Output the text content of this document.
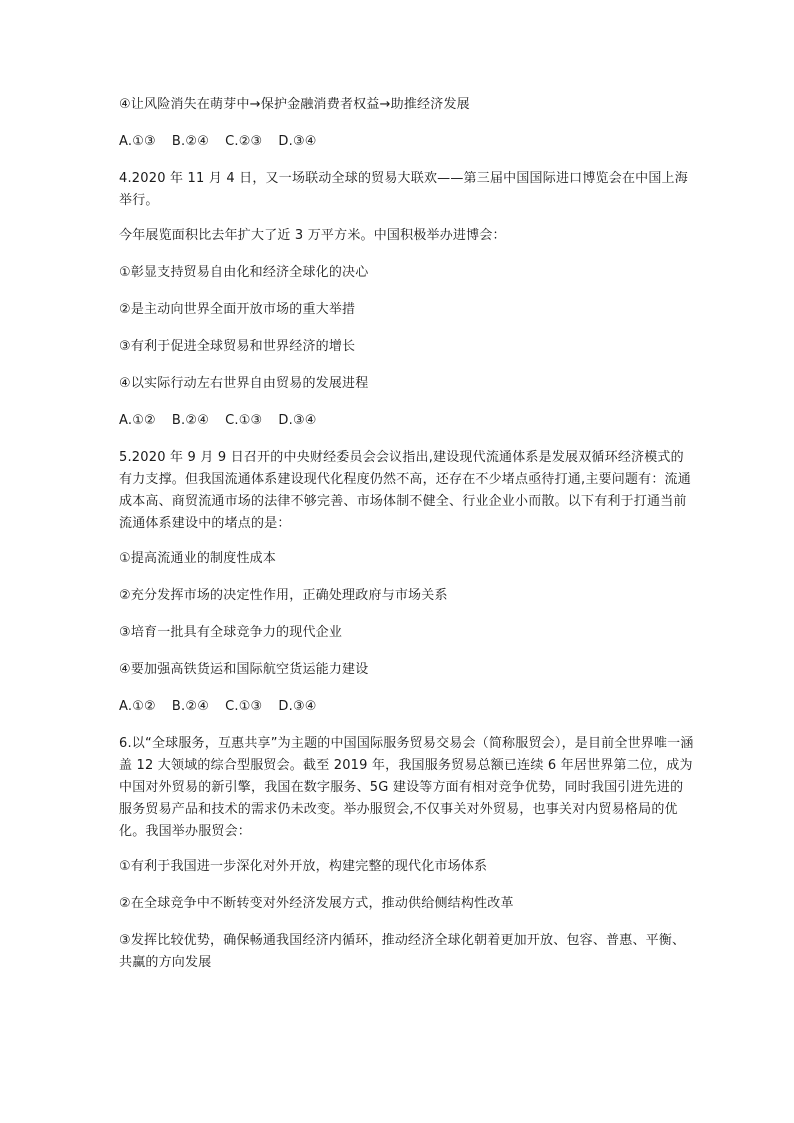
④让风险消失在萌芽中→保护金融消费者权益→助推经济发展
A.①③ B.②④ C.②③ D.③④
4.2020 年 11 月 4 日，又一场联动全球的贸易大联欢——第三届中国国际进口博览会在中国上海举行。
今年展览面积比去年扩大了近 3 万平方米。中国积极举办进博会：
①彰显支持贸易自由化和经济全球化的决心
②是主动向世界全面开放市场的重大举措
③有利于促进全球贸易和世界经济的增长
④以实际行动左右世界自由贸易的发展进程
A.①② B.②④ C.①③ D.③④
5.2020 年 9 月 9 日召开的中央财经委员会会议指出,建设现代流通体系是发展双循环经济模式的有力支撑。但我国流通体系建设现代化程度仍然不高，还存在不少堵点亟待打通,主要问题有：流通成本高、商贸流通市场的法律不够完善、市场体制不健全、行业企业小而散。以下有利于打通当前流通体系建设中的堵点的是：
①提高流通业的制度性成本
②充分发挥市场的决定性作用，正确处理政府与市场关系
③培育一批具有全球竞争力的现代企业
④要加强高铁货运和国际航空货运能力建设
A.①② B.②④ C.①③ D.③④
6.以“全球服务，互惠共享”为主题的中国国际服务贸易交易会（简称服贸会），是目前全世界唯一涵盖 12 大领域的综合型服贸会。截至 2019 年，我国服务贸易总额已连续 6 年居世界第二位，成为中国对外贸易的新引擎，我国在数字服务、5G 建设等方面有相对竞争优势，同时我国引进先进的服务贸易产品和技术的需求仍未改变。举办服贸会,不仅事关对外贸易，也事关对内贸易格局的优化。我国举办服贸会：
①有利于我国进一步深化对外开放，构建完整的现代化市场体系
②在全球竞争中不断转变对外经济发展方式，推动供给侧结构性改革
③发挥比较优势，确保畅通我国经济内循环，推动经济全球化朝着更加开放、包容、普惠、平衡、共赢的方向发展
